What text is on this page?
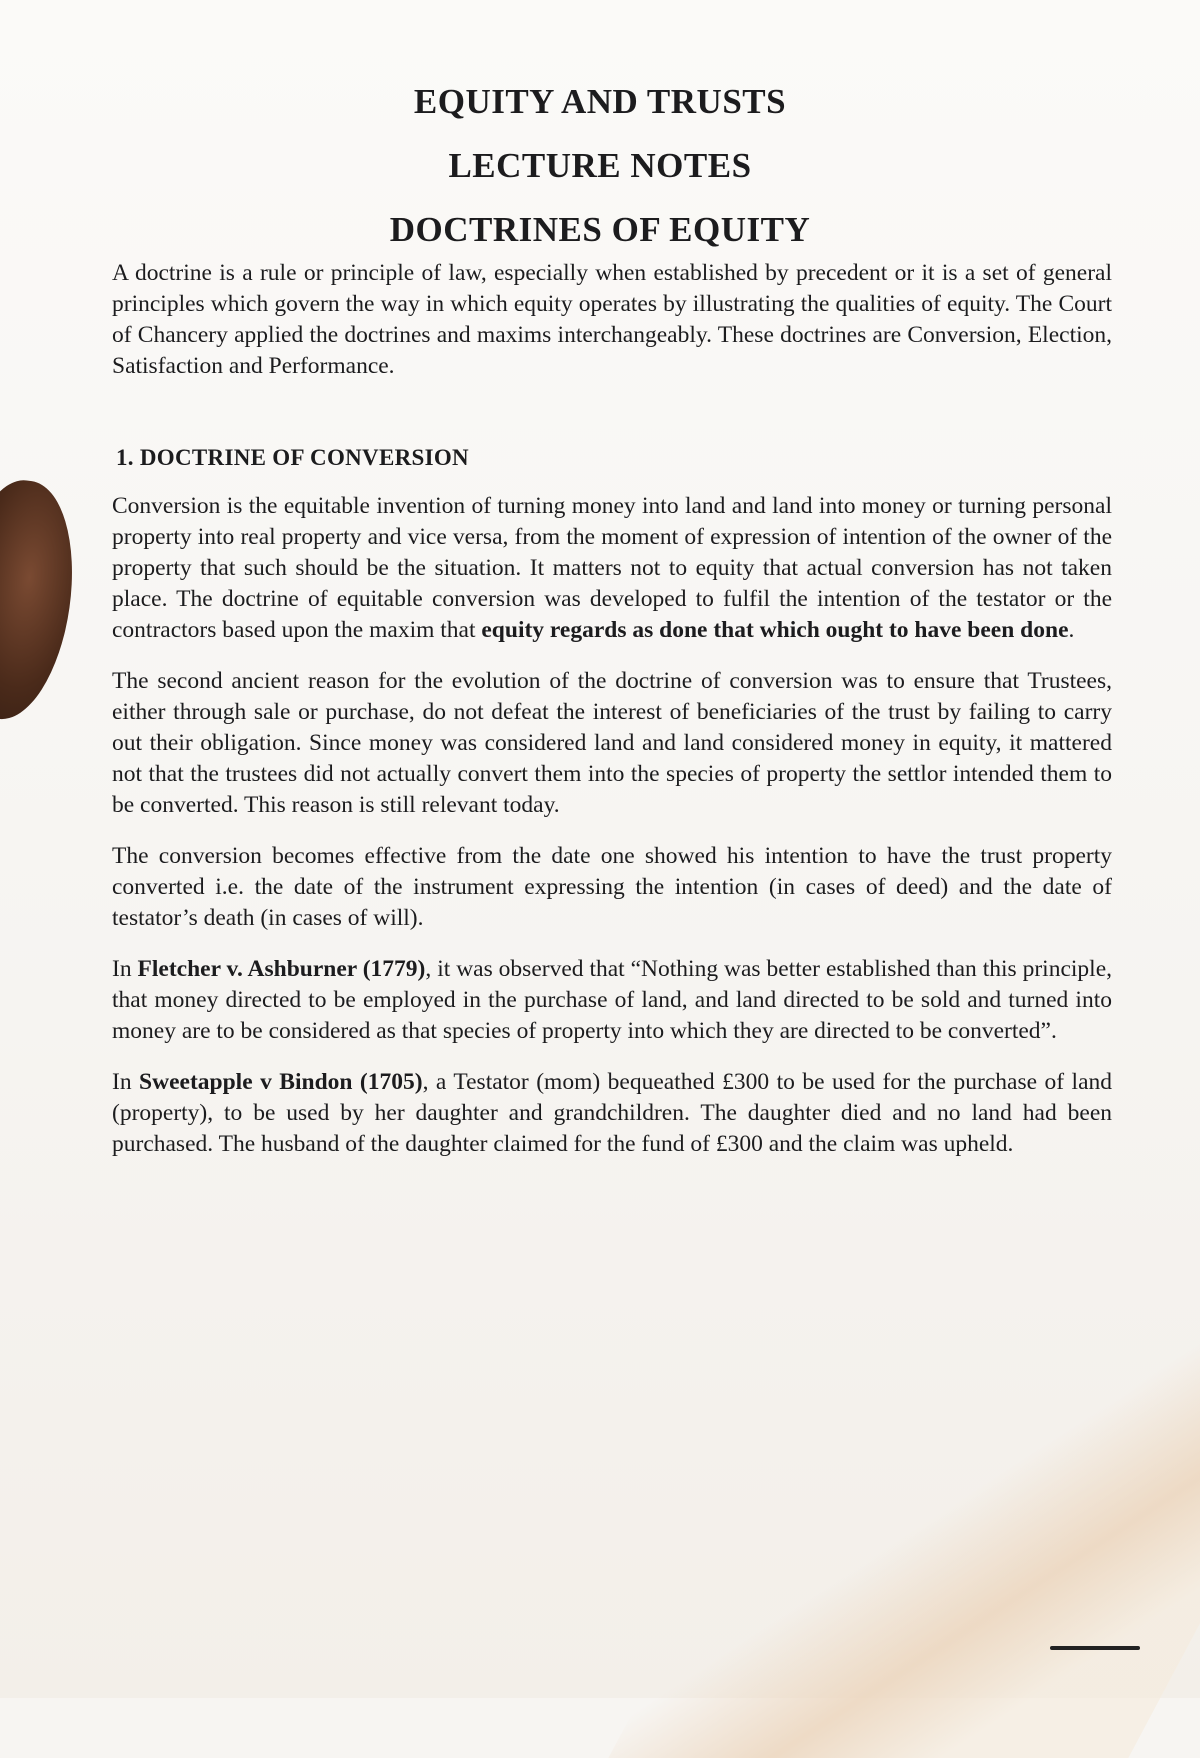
EQUITY AND TRUSTS
LECTURE NOTES
DOCTRINES OF EQUITY

A doctrine is a rule or principle of law, especially when established by precedent or it is a set of general principles which govern the way in which equity operates by illustrating the qualities of equity. The Court of Chancery applied the doctrines and maxims interchangeably. These doctrines are Conversion, Election, Satisfaction and Performance.

1. DOCTRINE OF CONVERSION

Conversion is the equitable invention of turning money into land and land into money or turning personal property into real property and vice versa, from the moment of expression of intention of the owner of the property that such should be the situation. It matters not to equity that actual conversion has not taken place. The doctrine of equitable conversion was developed to fulfil the intention of the testator or the contractors based upon the maxim that equity regards as done that which ought to have been done.

The second ancient reason for the evolution of the doctrine of conversion was to ensure that Trustees, either through sale or purchase, do not defeat the interest of beneficiaries of the trust by failing to carry out their obligation. Since money was considered land and land considered money in equity, it mattered not that the trustees did not actually convert them into the species of property the settlor intended them to be converted. This reason is still relevant today.

The conversion becomes effective from the date one showed his intention to have the trust property converted i.e. the date of the instrument expressing the intention (in cases of deed) and the date of testator’s death (in cases of will).

In Fletcher v. Ashburner (1779), it was observed that “Nothing was better established than this principle, that money directed to be employed in the purchase of land, and land directed to be sold and turned into money are to be considered as that species of property into which they are directed to be converted”.

In Sweetapple v Bindon (1705), a Testator (mom) bequeathed £300 to be used for the purchase of land (property), to be used by her daughter and grandchildren. The daughter died and no land had been purchased. The husband of the daughter claimed for the fund of £300 and the claim was upheld.
